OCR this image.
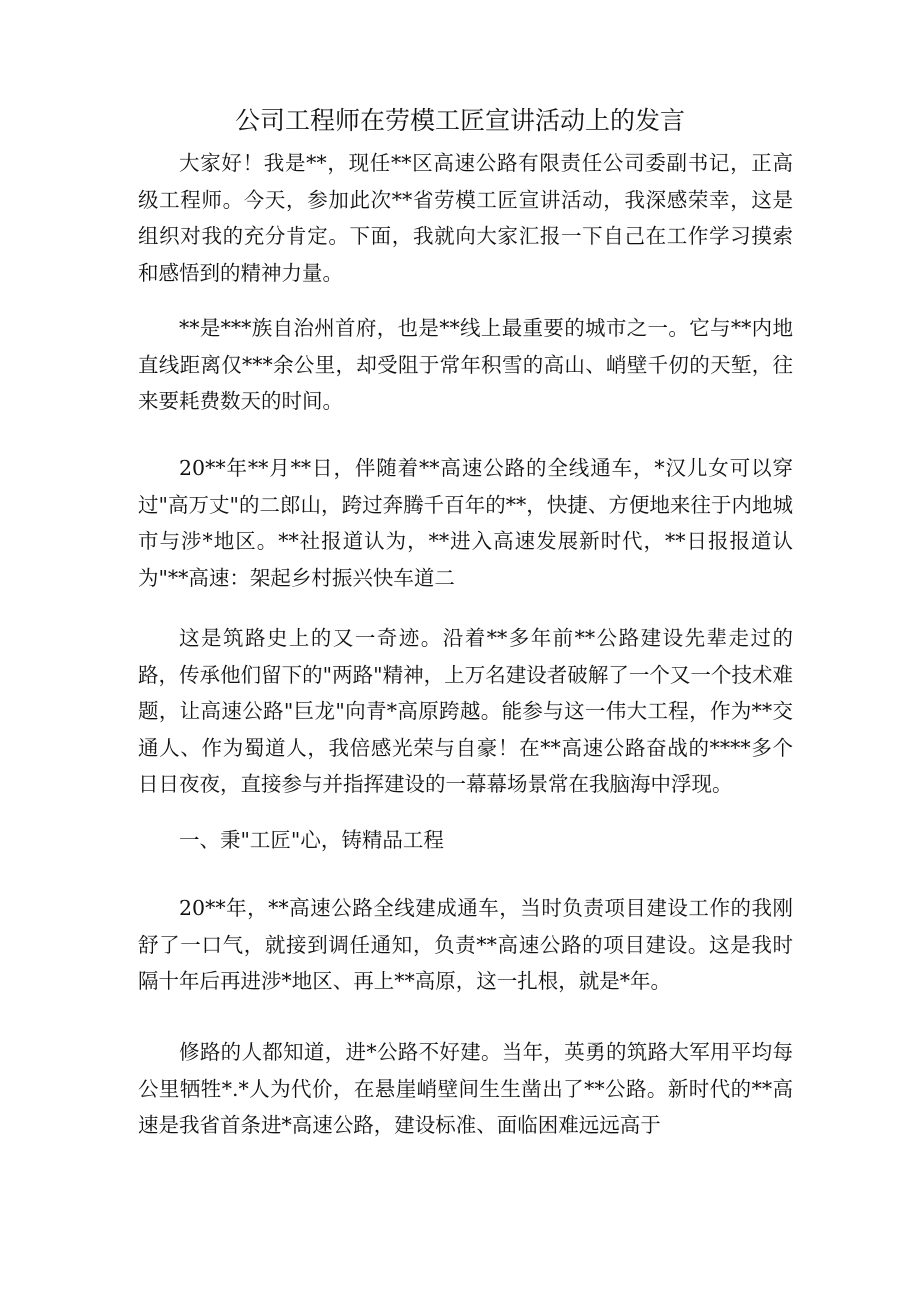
公司工程师在劳模工匠宣讲活动上的发言

大家好！我是**，现任**区高速公路有限责任公司委副书记，正高级工程师。今天，参加此次**省劳模工匠宣讲活动，我深感荣幸，这是组织对我的充分肯定。下面，我就向大家汇报一下自己在工作学习摸索和感悟到的精神力量。

**是***族自治州首府，也是**线上最重要的城市之一。它与**内地直线距离仅***余公里，却受阻于常年积雪的高山、峭壁千仞的天堑，往来要耗费数天的时间。

20**年**月**日，伴随着**高速公路的全线通车，*汉儿女可以穿过"高万丈"的二郎山，跨过奔腾千百年的**，快捷、方便地来往于内地城市与涉*地区。**社报道认为，**进入高速发展新时代，**日报报道认为"**高速：架起乡村振兴快车道二

这是筑路史上的又一奇迹。沿着**多年前**公路建设先辈走过的路，传承他们留下的"两路"精神，上万名建设者破解了一个又一个技术难题，让高速公路"巨龙"向青*高原跨越。能参与这一伟大工程，作为**交通人、作为蜀道人，我倍感光荣与自豪！在**高速公路奋战的****多个日日夜夜，直接参与并指挥建设的一幕幕场景常在我脑海中浮现。

一、秉"工匠"心，铸精品工程

20**年，**高速公路全线建成通车，当时负责项目建设工作的我刚舒了一口气，就接到调任通知，负责**高速公路的项目建设。这是我时隔十年后再进涉*地区、再上**高原，这一扎根，就是*年。

修路的人都知道，进*公路不好建。当年，英勇的筑路大军用平均每公里牺牲*.*人为代价，在悬崖峭壁间生生凿出了**公路。新时代的**高速是我省首条进*高速公路，建设标准、面临困难远远高于
